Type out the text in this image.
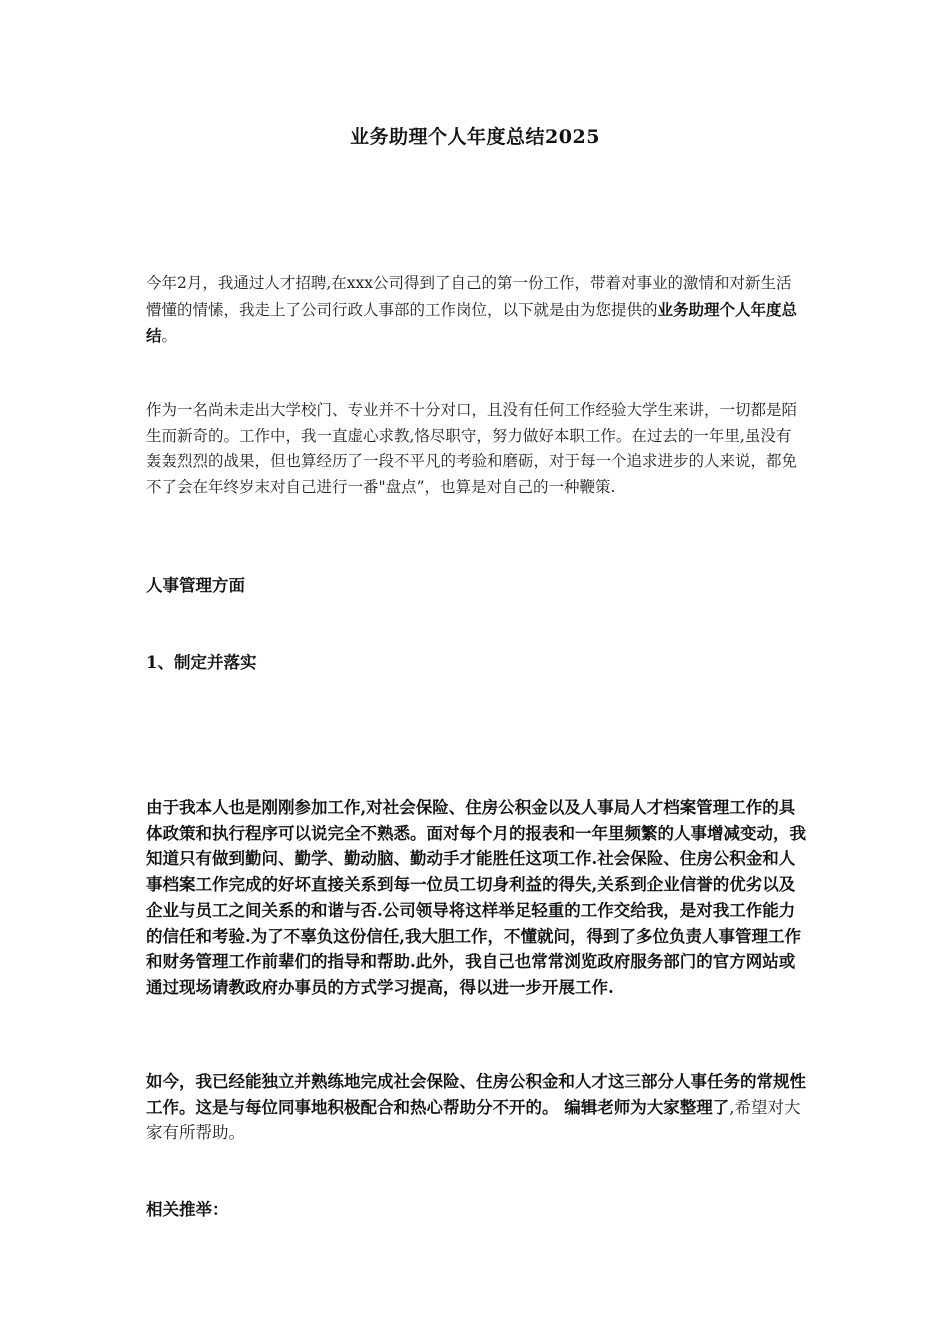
业务助理个人年度总结2025
今年2月，我通过人才招聘,在xxx公司得到了自己的第一份工作，带着对事业的激情和对新生活懵懂的情愫，我走上了公司行政人事部的工作岗位，以下就是由为您提供的业务助理个人年度总结。
作为一名尚未走出大学校门、专业并不十分对口，且没有任何工作经验大学生来讲，一切都是陌生而新奇的。工作中，我一直虚心求教,恪尽职守，努力做好本职工作。在过去的一年里,虽没有轰轰烈烈的战果，但也算经历了一段不平凡的考验和磨砺，对于每一个追求进步的人来说，都免不了会在年终岁末对自己进行一番"盘点”，也算是对自己的一种鞭策.
人事管理方面
1、制定并落实
由于我本人也是刚刚参加工作,对社会保险、住房公积金以及人事局人才档案管理工作的具体政策和执行程序可以说完全不熟悉。面对每个月的报表和一年里频繁的人事增减变动，我知道只有做到勤问、勤学、勤动脑、勤动手才能胜任这项工作.社会保险、住房公积金和人事档案工作完成的好坏直接关系到每一位员工切身利益的得失,关系到企业信誉的优劣以及企业与员工之间关系的和谐与否.公司领导将这样举足轻重的工作交给我，是对我工作能力的信任和考验.为了不辜负这份信任,我大胆工作，不懂就问，得到了多位负责人事管理工作和财务管理工作前辈们的指导和帮助.此外，我自己也常常浏览政府服务部门的官方网站或通过现场请教政府办事员的方式学习提高，得以进一步开展工作.
如今，我已经能独立并熟练地完成社会保险、住房公积金和人才这三部分人事任务的常规性工作。这是与每位同事地积极配合和热心帮助分不开的。 编辑老师为大家整理了,希望对大家有所帮助。
相关推举：
